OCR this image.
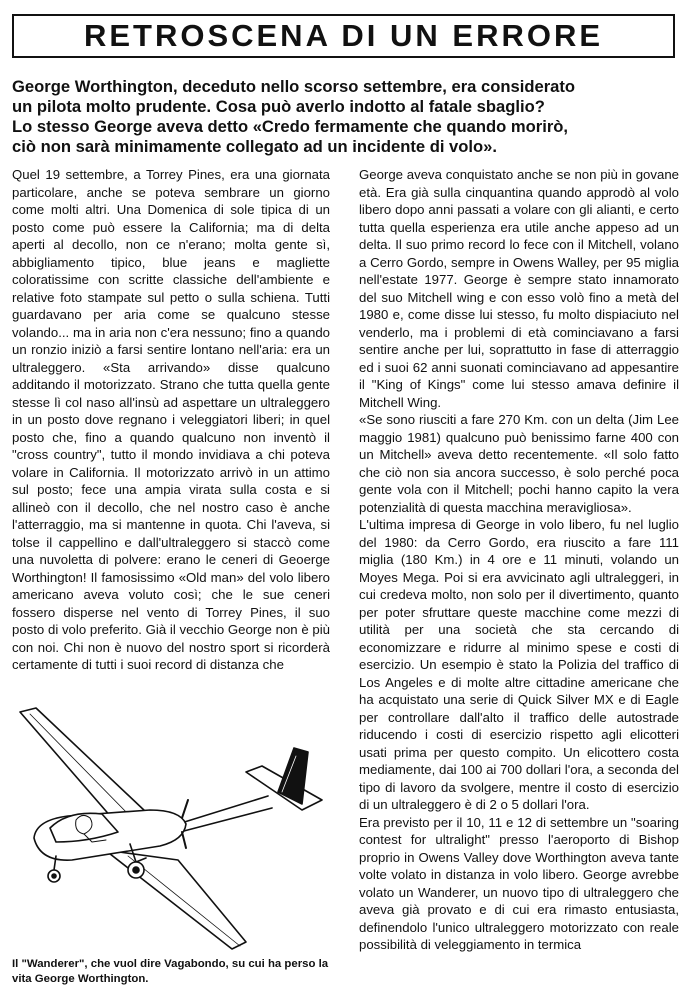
RETROSCENA DI UN ERRORE

George Worthington, deceduto nello scorso settembre, era considerato
un pilota molto prudente. Cosa può averlo indotto al fatale sbaglio?
Lo stesso George aveva detto «Credo fermamente che quando morirò,
ciò non sarà minimamente collegato ad un incidente di volo».

Quel 19 settembre, a Torrey Pines, era una giornata particolare, anche se poteva sembrare un giorno come molti altri. Una Domenica di sole tipica di un posto come può essere la California; ma di delta aperti al decollo, non ce n'erano; molta gente sì, abbigliamento tipico, blue jeans e magliette coloratissime con scritte classiche dell'ambiente e relative foto stampate sul petto o sulla schiena. Tutti guardavano per aria come se qualcuno stesse volando... ma in aria non c'era nessuno; fino a quando un ronzio iniziò a farsi sentire lontano nell'aria: era un ultraleggero. «Sta arrivando» disse qualcuno additando il motorizzato. Strano che tutta quella gente stesse lì col naso all'insù ad aspettare un ultraleggero in un posto dove regnano i veleggiatori liberi; in quel posto che, fino a quando qualcuno non inventò il "cross country", tutto il mondo invidiava a chi poteva volare in California. Il motorizzato arrivò in un attimo sul posto; fece una ampia virata sulla costa e si allineò con il decollo, che nel nostro caso è anche l'atterraggio, ma si mantenne in quota. Chi l'aveva, si tolse il cappellino e dall'ultraleggero si staccò come una nuvoletta di polvere: erano le ceneri di Geoerge Worthington! Il famosissimo «Old man» del volo libero americano aveva voluto così; che le sue ceneri fossero disperse nel vento di Torrey Pines, il suo posto di volo preferito. Già il vecchio George non è più con noi. Chi non è nuovo del nostro sport si ricorderà certamente di tutti i suoi record di distanza che

George aveva conquistato anche se non più in govane età. Era già sulla cinquantina quando approdò al volo libero dopo anni passati a volare con gli alianti, e certo tutta quella esperienza era utile anche appeso ad un delta. Il suo primo record lo fece con il Mitchell, volano a Cerro Gordo, sempre in Owens Walley, per 95 miglia nell'estate 1977. George è sempre stato innamorato del suo Mitchell wing e con esso volò fino a metà del 1980 e, come disse lui stesso, fu molto dispiaciuto nel venderlo, ma i problemi di età cominciavano a farsi sentire anche per lui, soprattutto in fase di atterraggio ed i suoi 62 anni suonati cominciavano ad appesantire il "King of Kings" come lui stesso amava definire il Mitchell Wing.

«Se sono riusciti a fare 270 Km. con un delta (Jim Lee maggio 1981) qualcuno può benissimo farne 400 con un Mitchell» aveva detto recentemente. «Il solo fatto che ciò non sia ancora successo, è solo perché poca gente vola con il Mitchell; pochi hanno capito la vera potenzialità di questa macchina meravigliosa».

L'ultima impresa di George in volo libero, fu nel luglio del 1980: da Cerro Gordo, era riuscito a fare 111 miglia (180 Km.) in 4 ore e 11 minuti, volando un Moyes Mega. Poi si era avvicinato agli ultraleggeri, in cui credeva molto, non solo per il divertimento, quanto per poter sfruttare queste macchine come mezzi di utilità per una società che sta cercando di economizzare e ridurre al minimo spese e costi di esercizio. Un esempio è stato la Polizia del traffico di Los Angeles e di molte altre cittadine americane che ha acquistato una serie di Quick Silver MX e di Eagle per controllare dall'alto il traffico delle autostrade riducendo i costi di esercizio rispetto agli elicotteri usati prima per questo compito. Un elicottero costa mediamente, dai 100 ai 700 dollari l'ora, a seconda del tipo di lavoro da svolgere, mentre il costo di esercizio di un ultraleggero è di 2 o 5 dollari l'ora.

Era previsto per il 10, 11 e 12 di settembre un "soaring contest for ultralight" presso l'aeroporto di Bishop proprio in Owens Valley dove Worthington aveva tante volte volato in distanza in volo libero. George avrebbe volato un Wanderer, un nuovo tipo di ultraleggero che aveva già provato e di cui era rimasto entusiasta, definendolo l'unico ultraleggero motorizzato con reale possibilità di veleggiamento in termica

Il "Wanderer", che vuol dire Vagabondo, su cui ha perso la vita George Worthington.
